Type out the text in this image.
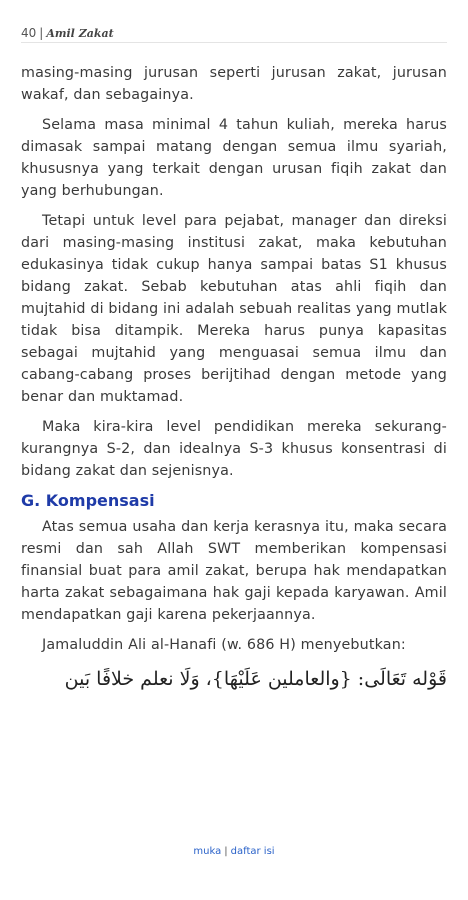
40 | Amil Zakat

masing-masing jurusan seperti jurusan zakat, jurusan wakaf, dan sebagainya.

Selama masa minimal 4 tahun kuliah, mereka harus dimasak sampai matang dengan semua ilmu syariah, khususnya yang terkait dengan urusan fiqih zakat dan yang berhubungan.

Tetapi untuk level para pejabat, manager dan direksi dari masing-masing institusi zakat, maka kebutuhan edukasinya tidak cukup hanya sampai batas S1 khusus bidang zakat. Sebab kebutuhan atas ahli fiqih dan mujtahid di bidang ini adalah sebuah realitas yang mutlak tidak bisa ditampik. Mereka harus punya kapasitas sebagai mujtahid yang menguasai semua ilmu dan cabang-cabang proses berijtihad dengan metode yang benar dan muktamad.

Maka kira-kira level pendidikan mereka sekurang-kurangnya S-2, dan idealnya S-3 khusus konsentrasi di bidang zakat dan sejenisnya.

G. Kompensasi

Atas semua usaha dan kerja kerasnya itu, maka secara resmi dan sah Allah SWT memberikan kompensasi finansial buat para amil zakat, berupa hak mendapatkan harta zakat sebagaimana hak gaji kepada karyawan. Amil mendapatkan gaji karena pekerjaannya.

Jamaluddin Ali al-Hanafi (w. 686 H) menyebutkan:

قَوْله تَعَالَى: {والعاملين عَلَيْهَا}، وَلَا نعلم خلافًا بَين
muka | daftar isi
